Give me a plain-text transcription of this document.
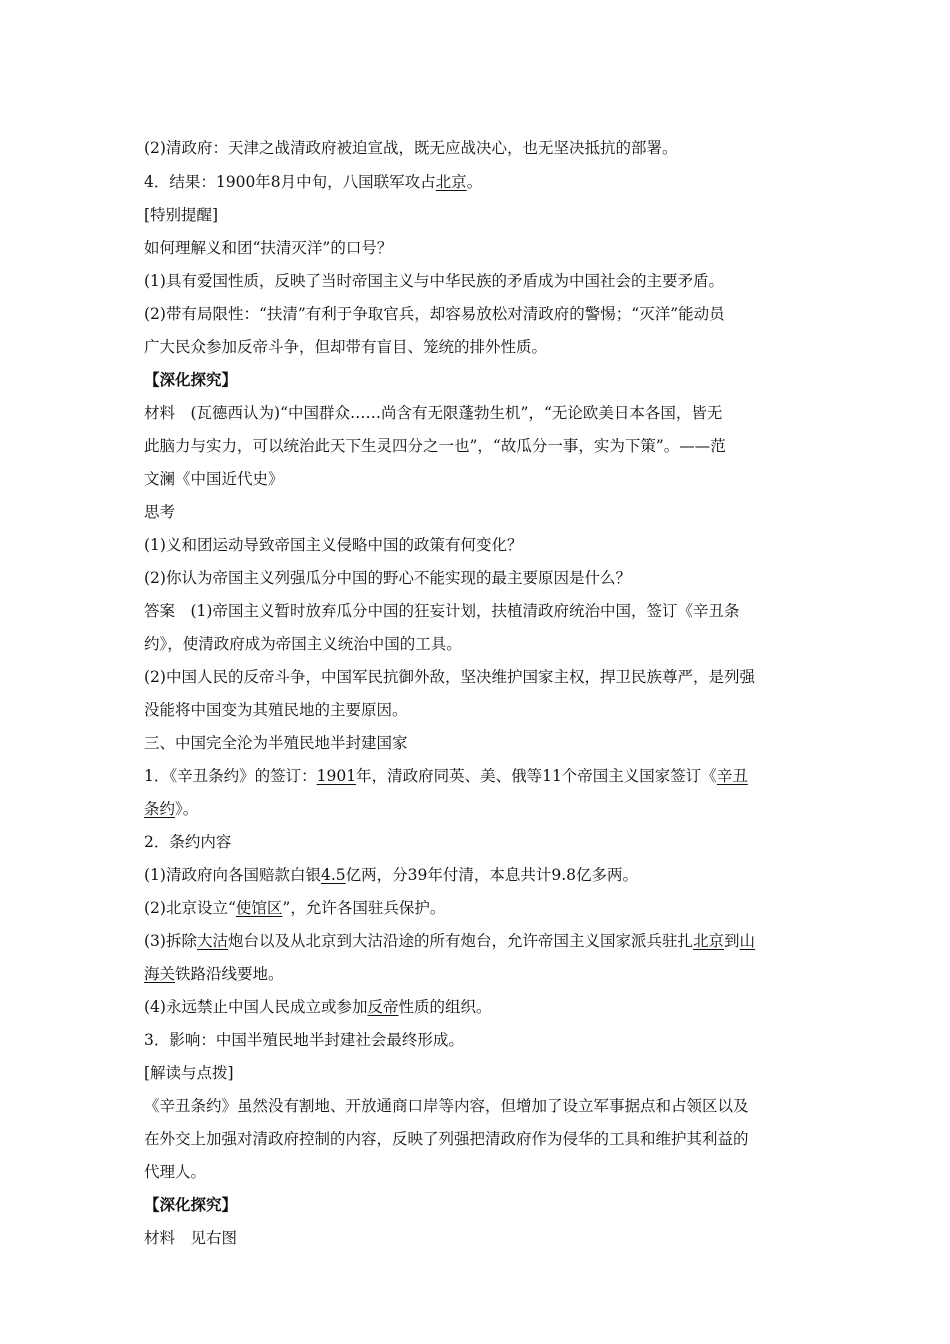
(2)清政府：天津之战清政府被迫宣战，既无应战决心，也无坚决抵抗的部署。
4．结果：1900年8月中旬，八国联军攻占北京。
[特别提醒]
如何理解义和团“扶清灭洋”的口号？
(1)具有爱国性质，反映了当时帝国主义与中华民族的矛盾成为中国社会的主要矛盾。
(2)带有局限性：“扶清”有利于争取官兵，却容易放松对清政府的警惕；“灭洋”能动员
广大民众参加反帝斗争，但却带有盲目、笼统的排外性质。
【深化探究】
材料　(瓦德西认为)“中国群众……尚含有无限蓬勃生机”，“无论欧美日本各国，皆无
此脑力与实力，可以统治此天下生灵四分之一也”，“故瓜分一事，实为下策”。——范
文澜《中国近代史》
思考
(1)义和团运动导致帝国主义侵略中国的政策有何变化？
(2)你认为帝国主义列强瓜分中国的野心不能实现的最主要原因是什么？
答案　(1)帝国主义暂时放弃瓜分中国的狂妄计划，扶植清政府统治中国，签订《辛丑条
约》，使清政府成为帝国主义统治中国的工具。
(2)中国人民的反帝斗争，中国军民抗御外敌，坚决维护国家主权，捍卫民族尊严，是列强
没能将中国变为其殖民地的主要原因。
三、中国完全沦为半殖民地半封建国家
1．《辛丑条约》的签订：1901年，清政府同英、美、俄等11个帝国主义国家签订《辛丑
条约》。
2．条约内容
(1)清政府向各国赔款白银4.5亿两，分39年付清，本息共计9.8亿多两。
(2)北京设立“使馆区”，允许各国驻兵保护。
(3)拆除大沽炮台以及从北京到大沽沿途的所有炮台，允许帝国主义国家派兵驻扎北京到山
海关铁路沿线要地。
(4)永远禁止中国人民成立或参加反帝性质的组织。
3．影响：中国半殖民地半封建社会最终形成。
[解读与点拨]
《辛丑条约》虽然没有割地、开放通商口岸等内容，但增加了设立军事据点和占领区以及
在外交上加强对清政府控制的内容，反映了列强把清政府作为侵华的工具和维护其利益的
代理人。
【深化探究】
材料　见右图
